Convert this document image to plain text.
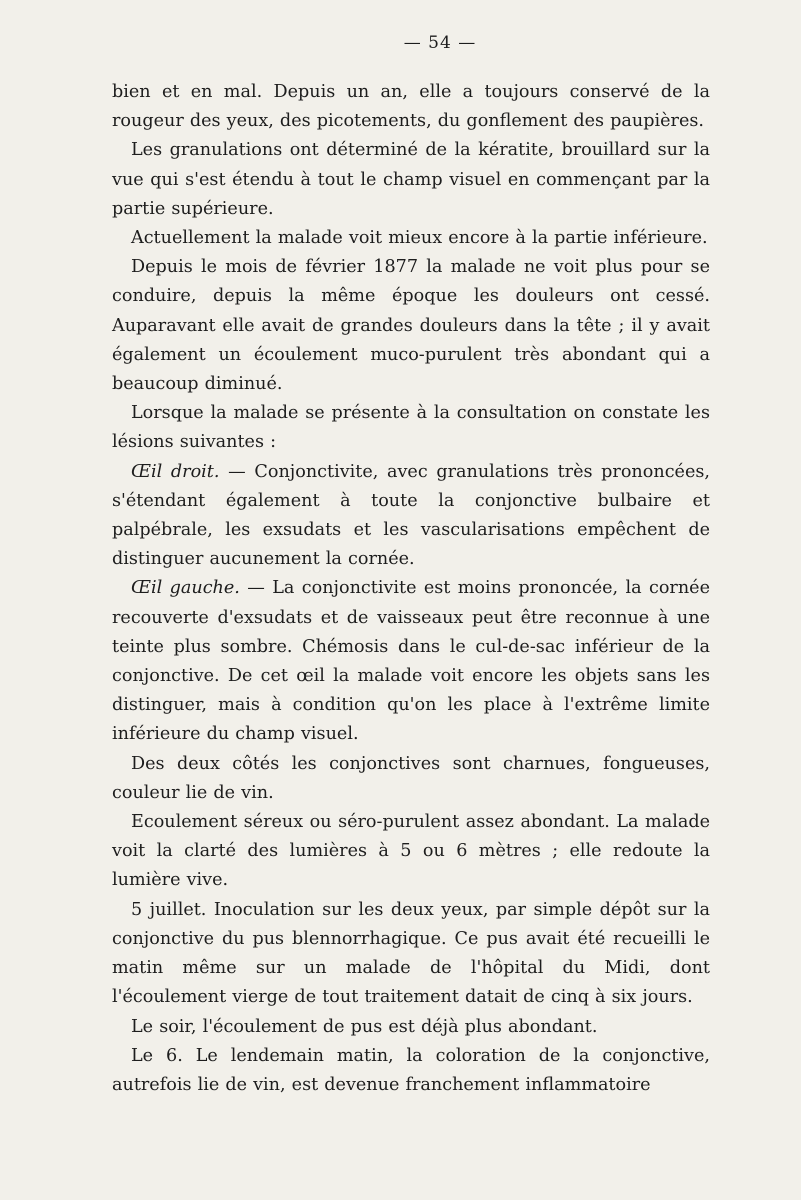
— 54 —

bien et en mal. Depuis un an, elle a toujours conservé de la rougeur des yeux, des picotements, du gonflement des paupières.

Les granulations ont déterminé de la kératite, brouillard sur la vue qui s'est étendu à tout le champ visuel en commençant par la partie supérieure.

Actuellement la malade voit mieux encore à la partie inférieure.

Depuis le mois de février 1877 la malade ne voit plus pour se conduire, depuis la même époque les douleurs ont cessé. Auparavant elle avait de grandes douleurs dans la tête ; il y avait également un écoulement muco-purulent très abondant qui a beaucoup diminué.

Lorsque la malade se présente à la consultation on constate les lésions suivantes :

Œil droit. — Conjonctivite, avec granulations très prononcées, s'étendant également à toute la conjonctive bulbaire et palpébrale, les exsudats et les vascularisations empêchent de distinguer aucunement la cornée.

Œil gauche. — La conjonctivite est moins prononcée, la cornée recouverte d'exsudats et de vaisseaux peut être reconnue à une teinte plus sombre. Chémosis dans le cul-de-sac inférieur de la conjonctive. De cet œil la malade voit encore les objets sans les distinguer, mais à condition qu'on les place à l'extrême limite inférieure du champ visuel.

Des deux côtés les conjonctives sont charnues, fongueuses, couleur lie de vin.

Ecoulement séreux ou séro-purulent assez abondant. La malade voit la clarté des lumières à 5 ou 6 mètres ; elle redoute la lumière vive.

5 juillet. Inoculation sur les deux yeux, par simple dépôt sur la conjonctive du pus blennorrhagique. Ce pus avait été recueilli le matin même sur un malade de l'hôpital du Midi, dont l'écoulement vierge de tout traitement datait de cinq à six jours.

Le soir, l'écoulement de pus est déjà plus abondant.

Le 6. Le lendemain matin, la coloration de la conjonctive, autrefois lie de vin, est devenue franchement inflammatoire
